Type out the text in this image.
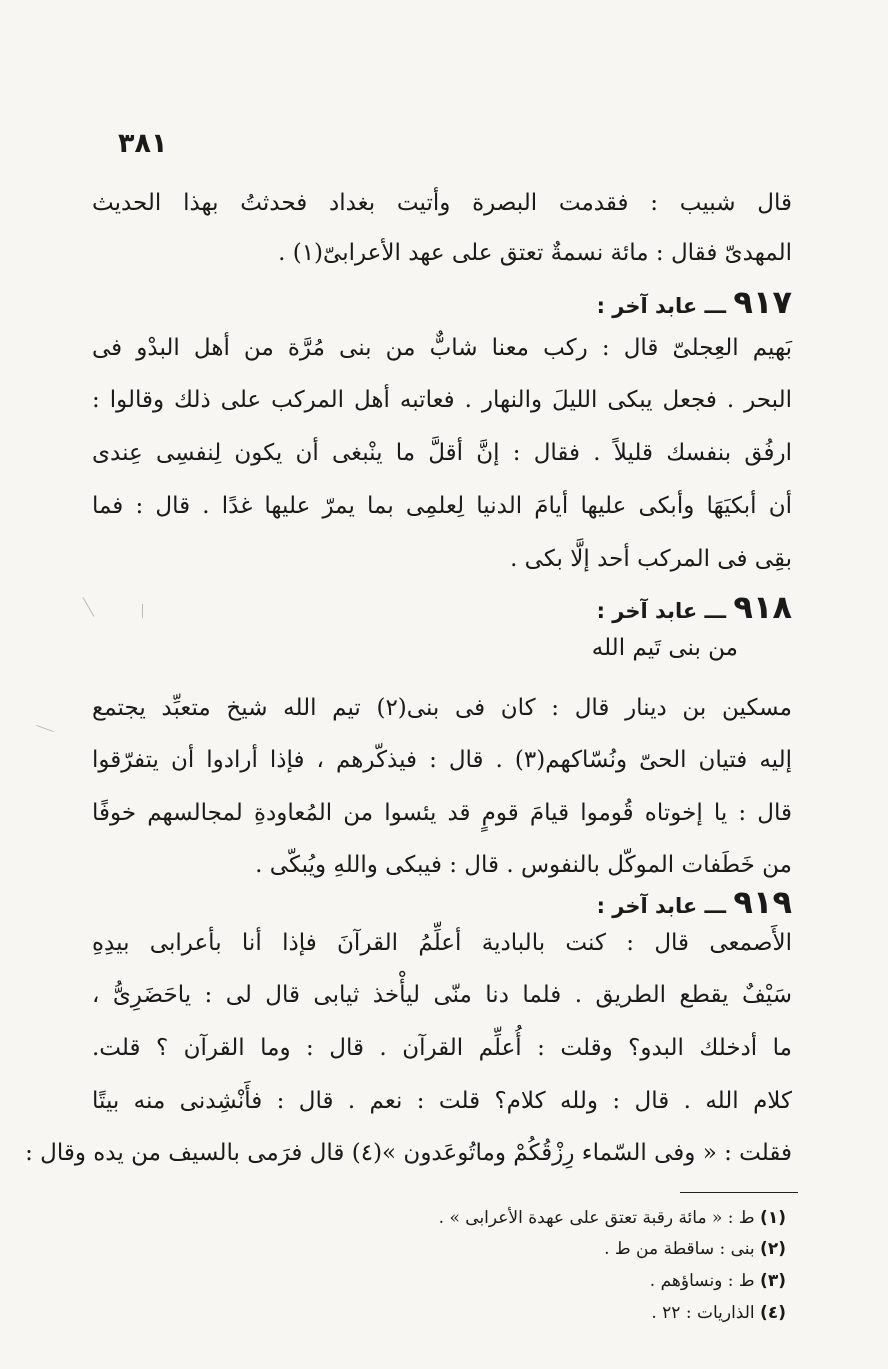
٣٨١
قال شبيب : فقدمت البصرة وأتيت بغداد فحدثتُ بهذا الحديث
المهدىّ فقال : مائة نسمةٌ تعتق على عهد الأعرابىّ(١) .
٩١٧ ـــ عابد آخر :
بَهيم العِجلىّ قال : ركب معنا شابٌّ من بنى مُرَّة من أهل البدْو فى
البحر . فجعل يبكى الليلَ والنهار . فعاتبه أهل المركب على ذلك وقالوا :
ارفُق بنفسك قليلاً . فقال : إنَّ أقلَّ ما ينْبغى أن يكون لِنفسِى عِندى
أن أبكيَهَا وأبكى عليها أيامَ الدنيا لِعلمِى بما يمرّ عليها غدًا . قال : فما
بقِى فى المركب أحد إلَّا بكى .
٩١٨ ـــ عابد آخر :
من بنى تَيم الله
مسكين بن دينار قال : كان فى بنى(٢) تيم الله شيخ متعبِّد يجتمع
إليه فتيان الحىّ ونُسّاكهم(٣) . قال : فيذكّرهم ، فإذا أرادوا أن يتفرّقوا
قال : يا إخوتاه قُوموا قيامَ قومٍ قد يئسوا من المُعاودةِ لمجالسهم خوفًا
من خَطَفات الموكّل بالنفوس . قال : فيبكى واللهِ ويُبكّى .
٩١٩ ـــ عابد آخر :
الأَصمعى قال : كنت بالبادية أعلِّمُ القرآنَ فإذا أنا بأعرابى بيدِهِ
سَيْفٌ يقطع الطريق . فلما دنا منّى ليأْخذ ثيابى قال لى : ياحَضَرِىُّ ،
ما أدخلك البدو؟ وقلت : أُعلِّم القرآن . قال : وما القرآن ؟ قلت.
كلام الله . قال : ولله كلام؟ قلت : نعم . قال : فأَنْشِدنى منه بيتًا
فقلت : « وفى السّماء رِزْقُكُمْ وماتُوعَدون »(٤) قال فرَمى بالسيف من يده وقال :
(١) ط : « مائة رقبة تعتق على عهدة الأعرابى » .
(٢) بنى : ساقطة من ط .
(٣) ط : ونساؤهم .
(٤) الذاريات : ٢٢ .
